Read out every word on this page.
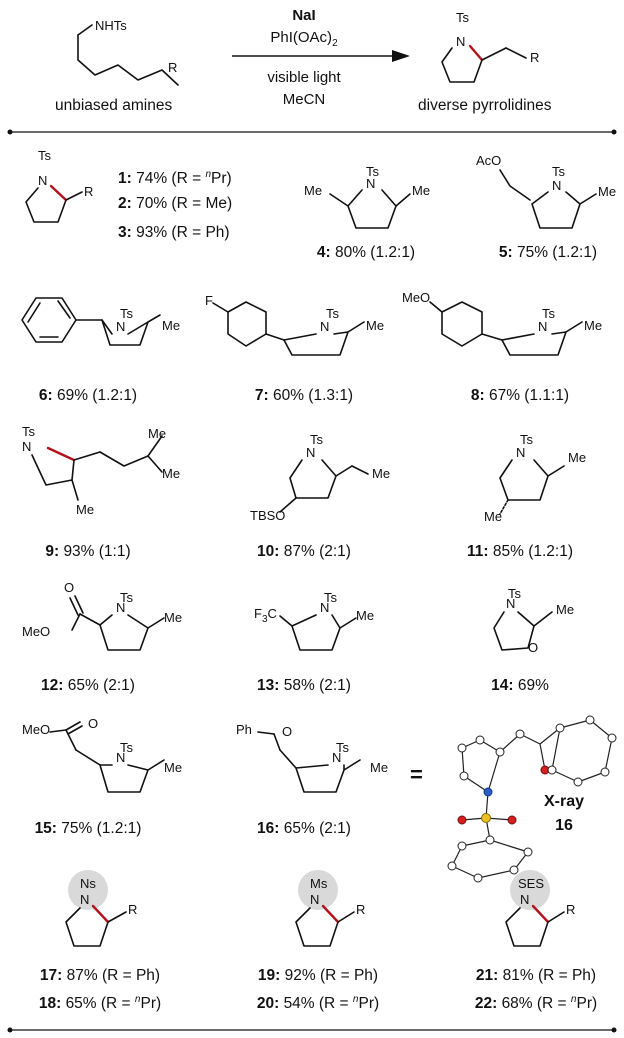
NHTs
R
unbiased amines
NaI
$PhI(OAc)_2$
visible light
MeCN
Ts
N
R
diverse pyrrolidines
Ts
N
R
Ts
N
Me	Me
AcO
Ts
N	Me
Ts
N	Me
F
Ts
N	Me
MeO
Ts
N	Me
Ts
N
Me
Me
Me
Ts
N
Me
TBSO
Ts
N	Me
Me
O
MeO
Ts
N
Me	$F_3C$
Ts
N
Me
Ts
N
O
Me
MeO	O
Ts
N
Me
Ph O
Ts
N
Me =
X-ray
16
Ns
N
R
Ms
N
R
SES
N
R
1: 74% (R = $^n$Pr)
2: 70% (R = Me)
3: 93% (R = Ph)
4: 80% (1.2:1)	5: 75% (1.2:1)
6: 69% (1.2:1)	7: 60% (1.3:1)	8: 67% (1.1:1)
9: 93% (1:1)	10: 87% (2:1)	11: 85% (1.2:1)
12: 65% (2:1)	13: 58% (2:1)	14: 69%
15: 75% (1.2:1)	16: 65% (2:1)
17: 87% (R = Ph)
18: 65% (R = $^n$Pr)
19: 92% (R = Ph)
20: 54% (R = $^n$Pr)
21: 81% (R = Ph)
22: 68% (R = $^n$Pr)
